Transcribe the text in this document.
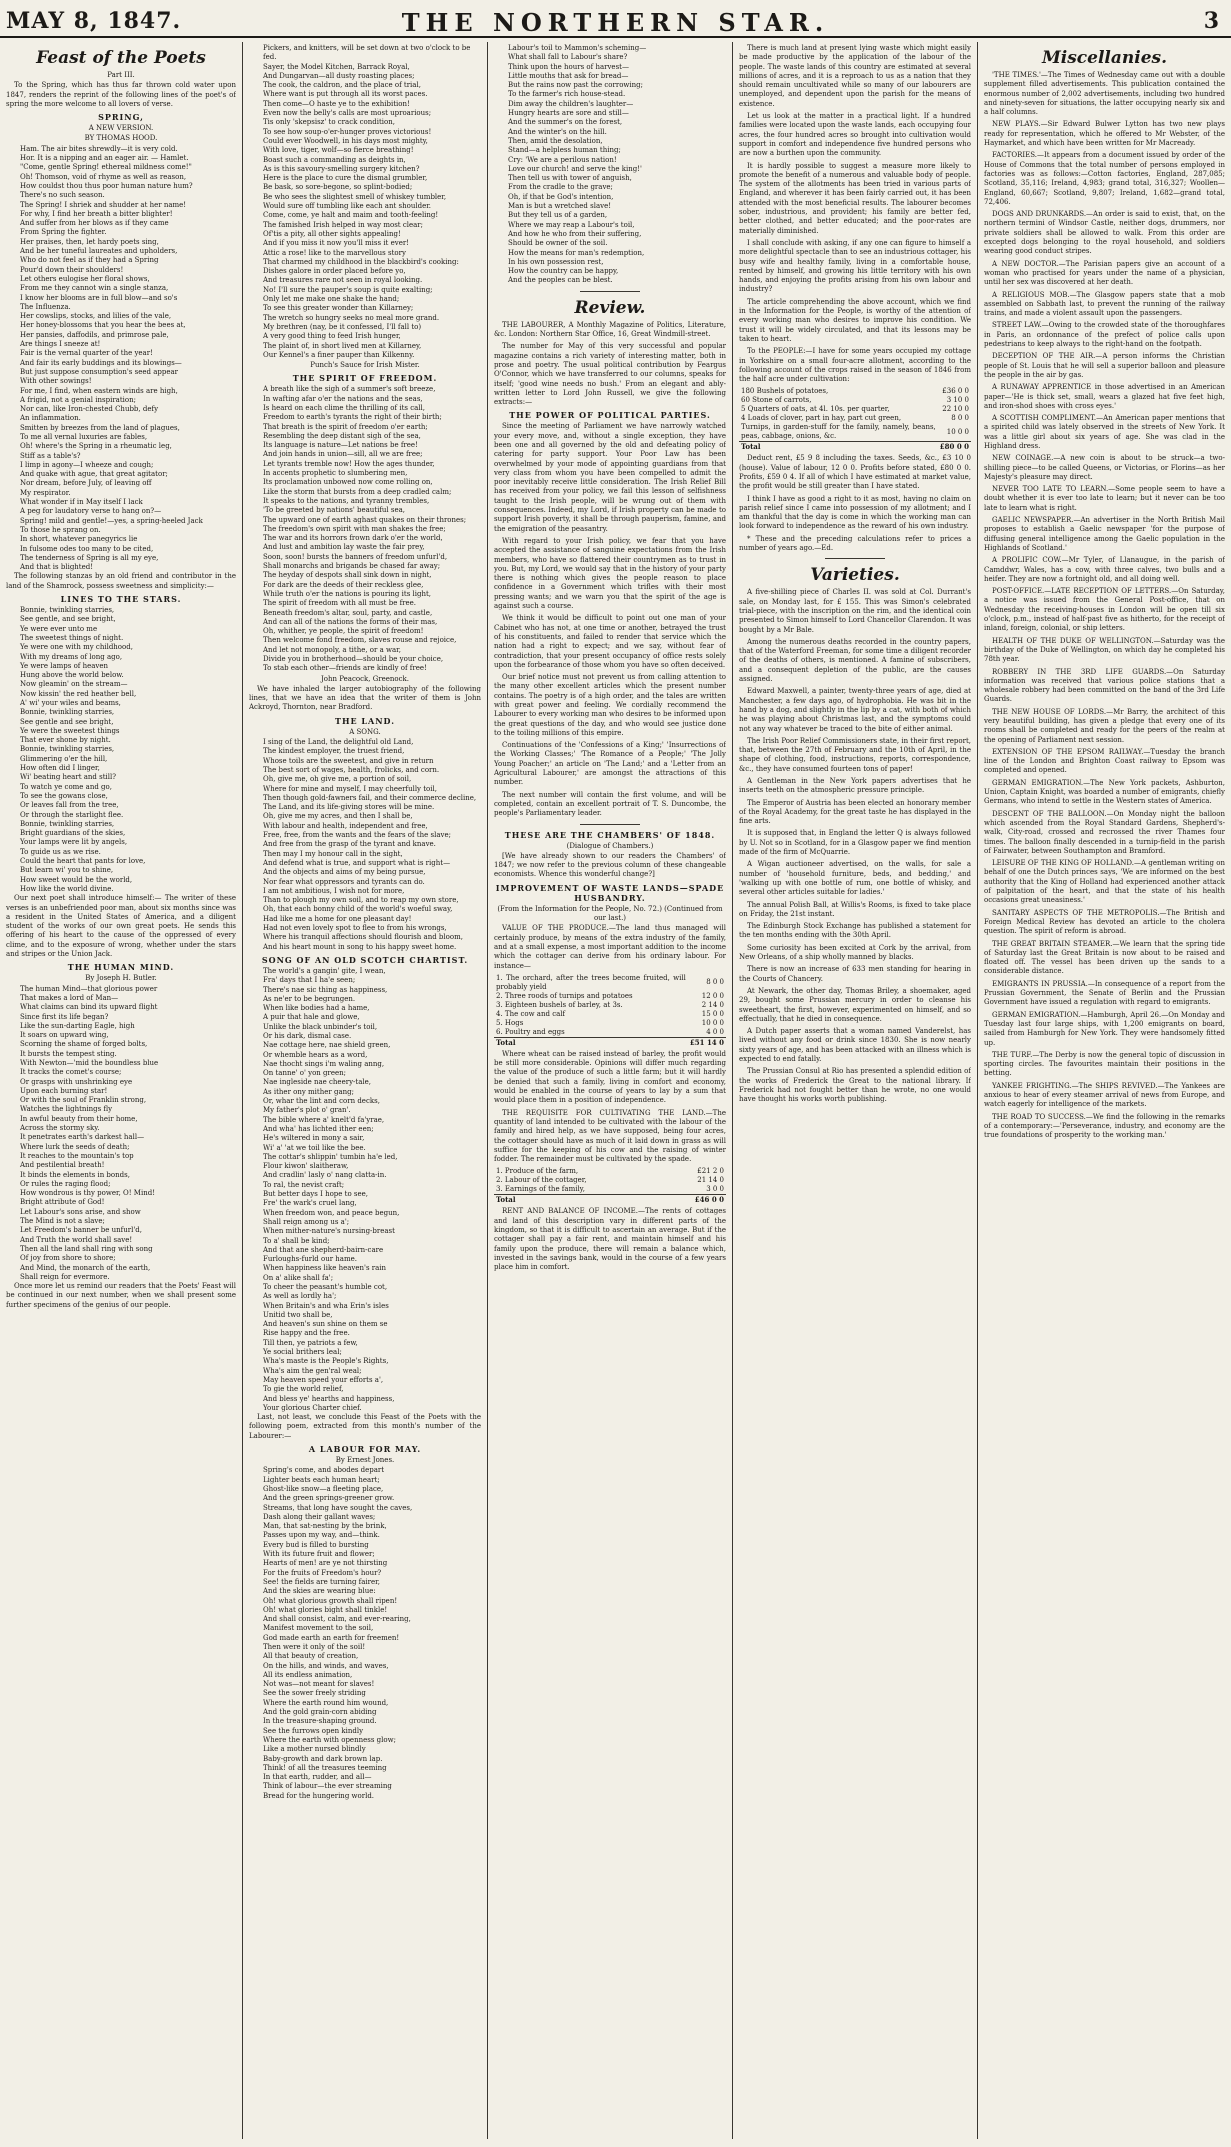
MAY 8, 1847.	THE NORTHERN STAR.	3
Feast of the Poets
Part III.
To the Spring, which has thus far thrown cold water upon 1847, renders the reprint of the following lines of the poet's of spring the more welcome to all lovers of verse.
SPRING,
A NEW VERSION.
BY THOMAS HOOD.
Ham. The air bites shrewdly—it is very cold.
Hor. It is a nipping and an eager air. — Hamlet.
"Come, gentle Spring! ethereal mildness come!"
Oh! Thomson, void of rhyme as well as reason,
How couldst thou thus poor human nature hum?
There's no such season.
The Spring! I shriek and shudder at her name!
For why, I find her breath a bitter blighter!
And suffer from her blows as if they came
From Spring the fighter.
Her praises, then, let hardy poets sing,
And be her tuneful laureates and upholders,
Who do not feel as if they had a Spring
Pour'd down their shoulders!
Let others eulogise her floral shows,
From me they cannot win a single stanza,
I know her blooms are in full blow—and so's
The Influenza.
Her cowslips, stocks, and lilies of the vale,
Her honey-blossoms that you hear the bees at,
Her pansies, daffodils, and primrose pale,
Are things I sneeze at!
Fair is the vernal quarter of the year!
And fair its early buddings and its blowings—
But just suppose consumption's seed appear
With other sowings!
For me, I find, when eastern winds are high,
A frigid, not a genial inspiration;
Nor can, like Iron-chested Chubb, defy
An inflammation.
Smitten by breezes from the land of plagues,
To me all vernal luxuries are fables,
Oh! where's the Spring in a rheumatic leg,
Stiff as a table's?
I limp in agony—I wheeze and cough;
And quake with ague, that great agitator;
Nor dream, before July, of leaving off
My respirator.
What wonder if in May itself I lack
A peg for laudatory verse to hang on?—
Spring! mild and gentle!—yes, a spring-heeled Jack
To those he sprang on.
In short, whatever panegyrics lie
In fulsome odes too many to be cited,
The tenderness of Spring is all my eye,
And that is blighted!
The following stanzas by an old friend and contributor in the land of the Shamrock, possess sweetness and simplicity:—
LINES TO THE STARS.
Bonnie, twinkling starries,
See gentle, and see bright,
Ye were ever unto me
The sweetest things of night.
Ye were one with my childhood,
With my dreams of long ago,
Ye were lamps of heaven
Hung above the world below.
Now gleamin' on the stream—
Now kissin' the red heather bell,
A' wi' your wiles and beams,
Bonnie, twinkling starries,
See gentle and see bright,
Ye were the sweetest things
That ever shone by night.
Bonnie, twinkling starries,
Glimmering o'er the hill,
How often did I linger,
Wi' beating heart and still?
To watch ye come and go,
To see the gowans close,
Or leaves fall from the tree,
Or through the starlight flee.
Bonnie, twinkling starries,
Bright guardians of the skies,
Your lamps were lit by angels,
To guide us as we rise.
Could the heart that pants for love,
But learn wi' you to shine,
How sweet would be the world,
How like the world divine.
Our next poet shall introduce himself:— The writer of these verses is an unbefriended poor man, about six months since was a resident in the United States of America, and a diligent student of the works of our own great poets. He sends this offering of his heart to the cause of the oppressed of every clime, and to the exposure of wrong, whether under the stars and stripes or the Union Jack.
THE HUMAN MIND.
By Joseph H. Butler.
The human Mind—that glorious power
That makes a lord of Man—
What claims can bind its upward flight
Since first its life began?
Like the sun-darting Eagle, high
It soars on upward wing,
Scorning the shame of forged bolts,
It bursts the tempest sting.
With Newton—'mid the boundless blue
It tracks the comet's course;
Or grasps with unshrinking eye
Upon each burning star!
Or with the soul of Franklin strong,
Watches the lightnings fly
In awful beauty from their home,
Across the stormy sky.
It penetrates earth's darkest hall—
Where lurk the seeds of death;
It reaches to the mountain's top
And pestilential breath!
It binds the elements in bonds,
Or rules the raging flood;
How wondrous is thy power, O! Mind!
Bright attribute of God!
Let Labour's sons arise, and show
The Mind is not a slave;
Let Freedom's banner be unfurl'd,
And Truth the world shall save!
Then all the land shall ring with song
Of joy from shore to shore;
And Mind, the monarch of the earth,
Shall reign for evermore.
Once more let us remind our readers that the Poets' Feast will be continued in our next number, when we shall present some further specimens of the genius of our people.
Pickers, and knitters, will be set down at two o'clock to be fed.
Sayer, the Model Kitchen, Barrack Royal,
And Dungarvan—all dusty roasting places;
The cook, the caldron, and the place of trial,
Where want is put through all its worst paces.
Then come—O haste ye to the exhibition!
Even now the belly's calls are most uproarious;
Tis only 'skepsisz' to crack condition,
To see how soup-o'er-hunger proves victorious!
Could ever Woodwell, in his days most mighty,
With love, tiger, wolf—so fierce breathing!
Boast such a commanding as deights in,
As is this savoury-smelling surgery kitchen?
Here is the place to cure the dismal grumbler,
Be bask, so sore-begone, so splint-bodied;
Be who sees the slightest smell of whiskey tumbler,
Would sure off tumbling like each ant shoulder.
Come, come, ye halt and maim and tooth-feeling!
The famished Irish helped in way most clear;
Of'tis a pity, all other sights appealing!
And if you miss it now you'll miss it ever!
Attic a rose! like to the marvellous story
That charmed my childhood in the blackbird's cooking:
Dishes galore in order placed before yo,
And treasures rare not seen in royal looking.
No! I'll sure the pauper's soup is quite exalting;
Only let me make one shake the hand;
To see this greater wonder than Killarney;
The wretch so hungry seeks no meal more grand.
My brethren (nay, be it confessed, I'll fall to)
A very good thing to feed Irish hunger,
The plaint of, in short lived men at Killarney,
Our Kennel's a finer pauper than Kilkenny.
Punch's Sauce for Irish Mister.
THE SPIRIT OF FREEDOM.
A breath like the sigh of a summer's soft breeze,
In wafting afar o'er the nations and the seas,
Is heard on each clime the thrilling of its call,
Freedom to earth's tyrants the right of their birth;
That breath is the spirit of freedom o'er earth;
Resembling the deep distant sigh of the sea,
Its language is nature—Let nations be free!
And join hands in union—sill, all we are free;
Let tyrants tremble now! How the ages thunder,
In accents prophetic to slumbering men,
Its proclamation unbowed now come rolling on,
Like the storm that bursts from a deep cradled calm;
It speaks to the nations, and tyranny trembles,
'To be greeted by nations' beautiful sea,
The upward one of earth aghast quakes on their thrones;
The freedom's own spirit with man shakes the free;
The war and its horrors frown dark o'er the world,
And lust and ambition lay waste the fair prey,
Soon, soon! bursts the banners of freedom unfurl'd,
Shall monarchs and brigands be chased far away;
The heyday of despots shall sink down in night,
For dark are the deeds of their reckless glee,
While truth o'er the nations is pouring its light,
The spirit of freedom with all must be free.
Beneath freedom's altar, soul, party, and castle,
And can all of the nations the forms of their mas,
Oh, whither, ye people, the spirit of freedom!
Then welcome fond freedom, slaves rouse and rejoice,
And let not monopoly, a tithe, or a war,
Divide you in brotherhood—should be your choice,
To stab each other—friends are kindly of free!
John Peacock, Greenock.
We have inhaled the larger autobiography of the following lines, that we have an idea that the writer of them is John Ackroyd, Thornton, near Bradford.
THE LAND.
A SONG.
I sing of the Land, the delightful old Land,
The kindest employer, the truest friend,
Whose toils are the sweetest, and give in return
The best sort of wages, health, frolicks, and corn.
Oh, give me, oh give me, a portion of soil,
Where for mine and myself, I may cheerfully toil,
Then though gold-fawners fail, and their commerce decline,
The Land, and its life-giving stores will be mine.
Oh, give me my acres, and then I shall be,
With labour and health, independent and free,
Free, free, from the wants and the fears of the slave;
And free from the grasp of the tyrant and knave.
Then may I my honour call in the sight,
And defend what is true, and support what is right—
And the objects and aims of my being pursue,
Nor fear what oppressors and tyrants can do.
I am not ambitious, I wish not for more,
Than to plough my own soil, and to reap my own store,
Oh, that each bonny child of the world's woeful sway,
Had like me a home for one pleasant day!
Had not even lovely spot to flee to from his wrongs,
Where his tranquil affections should flourish and bloom,
And his heart mount in song to his happy sweet home.
SONG OF AN OLD SCOTCH CHARTIST.
The world's a gangin' gite, I wean,
Fra' days that I ha'e seen;
There's nae sic thing as happiness,
As ne'er to be begrungen.
When like bodies had a hame,
A puir that hale and glowe,
Unlike the black unbinder's toil,
Or his dark, dismal case.
Nae cottage here, nae shield green,
Or whemble hears as a word,
Nae thocht sings i'm waling anng,
On tanne' o' yon green;
Nae ingleside nae cheery-tale,
As ither ony mither gang;
Or, whar the lint and corn decks,
My father's plot o' gran'.
The bible where a' knelt'd fa'yrae,
And wha' has lichted ither een;
He's wiltered in mony a sair,
Wi' a' 'at we toil like the bee.
The cottar's shlippin' tumbin ha'e led,
Flour kiwon' slaitheraw,
And cradlin' lasly o' nang clatta-in.
To ral, the nevist craft;
But better days I hope to see,
Fre' the wark's cruel lang,
When freedom won, and peace begun,
Shall reign among us a';
When mither-nature's nursing-breast
To a' shall be kind;
And that ane shepherd-bairn-care
Furloughs-furld our hame.
When happiness like heaven's rain
On a' alike shall fa';
To cheer the peasant's humble cot,
As well as lordly ha';
When Britain's and wha Erin's isles
Unitid two shall be,
And heaven's sun shine on them se
Rise happy and the free.
Till then, ye patriots a few,
Ye social brithers leal;
Wha's maste is the People's Rights,
Wha's aim the gen'ral weal;
May heaven speed your efforts a',
To gie the world relief,
And bless ye' hearths and happiness,
Your glorious Charter chief.
Last, not least, we conclude this Feast of the Poets with the following poem, extracted from this month's number of the Labourer:—
A LABOUR FOR MAY.
By Ernest Jones.
Spring's come, and abodes depart
Lighter beats each human heart;
Ghost-like snow—a fleeting place,
And the green springs-greener grow.
Streams, that long have sought the caves,
Dash along their gallant waves;
Man, that sat-nesting by the brink,
Passes upon my way, and—think.
Every bud is filled to bursting
With its future fruit and flower;
Hearts of men! are ye not thirsting
For the fruits of Freedom's hour?
See! the fields are turning fairer,
And the skies are wearing blue:
Oh! what glorious growth shall ripen!
Oh! what glories bight shall tinkle!
And shall consist, calm, and ever-rearing,
Manifest movement to the soil,
God made earth an earth for freemen!
Then were it only of the soil!
All that beauty of creation,
On the hills, and winds, and waves,
All its endless animation,
Not was—not meant for slaves!
See the sower freely striding
Where the earth round him wound,
And the gold grain-corn abiding
In the treasure-shaping ground.
See the furrows open kindly
Where the earth with openness glow;
Like a mother nursed blindly
Baby-growth and dark brown lap.
Think! of all the treasures teeming
In that earth, rudder, and all—
Think of labour—the ever streaming
Bread for the hungering world.
Labour's toil to Mammon's scheming—
What shall fall to Labour's share?
Think upon the hours of harvest—
Little mouths that ask for bread—
But the rains now past the corrowing;
To the farmer's rich house-stead.
Dim away the children's laughter—
Hungry hearts are sore and still—
And the summer's on the forest,
And the winter's on the hill.
Then, amid the desolation,
Stand—a helpless human thing;
Cry: 'We are a perilous nation!
Love our church! and serve the king!'
Then tell us with tower of anguish,
From the cradle to the grave;
Oh, if that be God's intention,
Man is but a wretched slave!
But they tell us of a garden,
Where we may reap a Labour's toil,
And how he who from their suffering,
Should be owner of the soil.
How the means for man's redemption,
In his own possession rest,
How the country can be happy,
And the peoples can be blest.
Review.
THE LABOURER, A Monthly Magazine of Politics, Literature, &c. London: Northern Star Office, 16, Great Windmill-street.
The number for May of this very successful and popular magazine contains a rich variety of interesting matter, both in prose and poetry. The usual political contribution by Feargus O'Connor, which we have transferred to our columns, speaks for itself; 'good wine needs no bush.' From an elegant and ably-written letter to Lord John Russell, we give the following extracts:—
THE POWER OF POLITICAL PARTIES.
Since the meeting of Parliament we have narrowly watched your every move, and, without a single exception, they have been one and all governed by the old and defeating policy of catering for party support. Your Poor Law has been overwhelmed by your mode of appointing guardians from that very class from whom you have been compelled to admit the poor inevitably receive little consideration. The Irish Relief Bill has received from your policy, we fail this lesson of selfishness taught to the Irish people, will be wrung out of them with consequences. Indeed, my Lord, if Irish property can be made to support Irish poverty, it shall be through pauperism, famine, and the emigration of the peasantry.
With regard to your Irish policy, we fear that you have accepted the assistance of sanguine expectations from the Irish members, who have so flattered their countrymen as to trust in you. But, my Lord, we would say that in the history of your party there is nothing which gives the people reason to place confidence in a Government which trifles with their most pressing wants; and we warn you that the spirit of the age is against such a course.
We think it would be difficult to point out one man of your Cabinet who has not, at one time or another, betrayed the trust of his constituents, and failed to render that service which the nation had a right to expect; and we say, without fear of contradiction, that your present occupancy of office rests solely upon the forbearance of those whom you have so often deceived.
Our brief notice must not prevent us from calling attention to the many other excellent articles which the present number contains. The poetry is of a high order, and the tales are written with great power and feeling. We cordially recommend the Labourer to every working man who desires to be informed upon the great questions of the day, and who would see justice done to the toiling millions of this empire.
Continuations of the 'Confessions of a King;' 'Insurrections of the Working Classes;' 'The Romance of a People;' 'The Jolly Young Poacher;' an article on 'The Land;' and a 'Letter from an Agricultural Labourer,' are amongst the attractions of this number.
The next number will contain the first volume, and will be completed, contain an excellent portrait of T. S. Duncombe, the people's Parliamentary leader.
THESE ARE THE CHAMBERS' OF 1848.
(Dialogue of Chambers.)
[We have already shown to our readers the Chambers' of 1847; we now refer to the previous column of these changeable economists. Whence this wonderful change?]
IMPROVEMENT OF WASTE LANDS—SPADE HUSBANDRY.
(From the Information for the People, No. 72.) (Continued from our last.)
VALUE OF THE PRODUCE.—The land thus managed will certainly produce, by means of the extra industry of the family, and at a small expense, a most important addition to the income which the cottager can derive from his ordinary labour. For instance—
1. The orchard, after the trees become fruited, will probably yield	8 0 0
2. Three roods of turnips and potatoes	12 0 0
3. Eighteen bushels of barley, at 3s.	2 14 0
4. The cow and calf	15 0 0
5. Hogs	10 0 0
6. Poultry and eggs	4 0 0
Total	£51 14 0
Where wheat can be raised instead of barley, the profit would be still more considerable. Opinions will differ much regarding the value of the produce of such a little farm; but it will hardly be denied that such a family, living in comfort and economy, would be enabled in the course of years to lay by a sum that would place them in a position of independence.
THE REQUISITE FOR CULTIVATING THE LAND.—The quantity of land intended to be cultivated with the labour of the family and hired help, as we have supposed, being four acres, the cottager should have as much of it laid down in grass as will suffice for the keeping of his cow and the raising of winter fodder. The remainder must be cultivated by the spade.
1. Produce of the farm,	£21 2 0
2. Labour of the cottager,	21 14 0
3. Earnings of the family,	3 0 0
Total	£46 0 0
RENT AND BALANCE OF INCOME.—The rents of cottages and land of this description vary in different parts of the kingdom, so that it is difficult to ascertain an average. But if the cottager shall pay a fair rent, and maintain himself and his family upon the produce, there will remain a balance which, invested in the savings bank, would in the course of a few years place him in comfort.
There is much land at present lying waste which might easily be made productive by the application of the labour of the people. The waste lands of this country are estimated at several millions of acres, and it is a reproach to us as a nation that they should remain uncultivated while so many of our labourers are unemployed, and dependent upon the parish for the means of existence.
Let us look at the matter in a practical light. If a hundred families were located upon the waste lands, each occupying four acres, the four hundred acres so brought into cultivation would support in comfort and independence five hundred persons who are now a burthen upon the community.
It is hardly possible to suggest a measure more likely to promote the benefit of a numerous and valuable body of people. The system of the allotments has been tried in various parts of England, and wherever it has been fairly carried out, it has been attended with the most beneficial results. The labourer becomes sober, industrious, and provident; his family are better fed, better clothed, and better educated; and the poor-rates are materially diminished.
I shall conclude with asking, if any one can figure to himself a more delightful spectacle than to see an industrious cottager, his busy wife and healthy family, living in a comfortable house, rented by himself, and growing his little territory with his own hands, and enjoying the profits arising from his own labour and industry?
The article comprehending the above account, which we find in the Information for the People, is worthy of the attention of every working man who desires to improve his condition. We trust it will be widely circulated, and that its lessons may be taken to heart.
To the PEOPLE:—I have for some years occupied my cottage in Yorkshire on a small four-acre allotment, according to the following account of the crops raised in the season of 1846 from the half acre under cultivation:
180 Bushels of potatoes,	£36 0 0
60 Stone of carrots,	3 10 0
5 Quarters of oats, at 4l. 10s. per quarter,	22 10 0
4 Loads of clover, part in hay, part cut green,	8 0 0
Turnips, in garden-stuff for the family, namely, beans, peas, cabbage, onions, &c.	10 0 0
Total	£80 0 0
Deduct rent, £5 9 8 including the taxes. Seeds, &c., £3 10 0 (house). Value of labour, 12 0 0. Profits before stated, £80 0 0. Profits, £59 0 4. If all of which I have estimated at market value, the profit would be still greater than I have stated.
I think I have as good a right to it as most, having no claim on parish relief since I came into possession of my allotment; and I am thankful that the day is come in which the working man can look forward to independence as the reward of his own industry.
* These and the preceding calculations refer to prices a number of years ago.—Ed.
Varieties.
A five-shilling piece of Charles II. was sold at Col. Durrant's sale, on Monday last, for £ 155. This was Simon's celebrated trial-piece, with the inscription on the rim, and the identical coin presented to Simon himself to Lord Chancellor Clarendon. It was bought by a Mr Bale.
Among the numerous deaths recorded in the country papers, that of the Waterford Freeman, for some time a diligent recorder of the deaths of others, is mentioned. A famine of subscribers, and a consequent depletion of the public, are the causes assigned.
Edward Maxwell, a painter, twenty-three years of age, died at Manchester, a few days ago, of hydrophobia. He was bit in the hand by a dog, and slightly in the lip by a cat, with both of which he was playing about Christmas last, and the symptoms could not any way whatever be traced to the bite of either animal.
The Irish Poor Relief Commissioners state, in their first report, that, between the 27th of February and the 10th of April, in the shape of clothing, food, instructions, reports, correspondence, &c., they have consumed fourteen tons of paper!
A Gentleman in the New York papers advertises that he inserts teeth on the atmospheric pressure principle.
The Emperor of Austria has been elected an honorary member of the Royal Academy, for the great taste he has displayed in the fine arts.
It is supposed that, in England the letter Q is always followed by U. Not so in Scotland, for in a Glasgow paper we find mention made of the firm of McQuarrie.
A Wigan auctioneer advertised, on the walls, for sale a number of 'household furniture, beds, and bedding,' and 'walking up with one bottle of rum, one bottle of whisky, and several other articles suitable for ladies.'
The annual Polish Ball, at Willis's Rooms, is fixed to take place on Friday, the 21st instant.
The Edinburgh Stock Exchange has published a statement for the ten months ending with the 30th April.
Some curiosity has been excited at Cork by the arrival, from New Orleans, of a ship wholly manned by blacks.
There is now an increase of 633 men standing for hearing in the Courts of Chancery.
At Newark, the other day, Thomas Briley, a shoemaker, aged 29, bought some Prussian mercury in order to cleanse his sweetheart, the first, however, experimented on himself, and so effectually, that he died in consequence.
A Dutch paper asserts that a woman named Vanderelst, has lived without any food or drink since 1830. She is now nearly sixty years of age, and has been attacked with an illness which is expected to end fatally.
The Prussian Consul at Rio has presented a splendid edition of the works of Frederick the Great to the national library. If Frederick had not fought better than he wrote, no one would have thought his works worth publishing.
Miscellanies.
'THE TIMES.'—The Times of Wednesday came out with a double supplement filled advertisements. This publication contained the enormous number of 2,002 advertisements, including two hundred and ninety-seven for situations, the latter occupying nearly six and a half columns.
NEW PLAYS.—Sir Edward Bulwer Lytton has two new plays ready for representation, which he offered to Mr Webster, of the Haymarket, and which have been written for Mr Macready.
FACTORIES.—It appears from a document issued by order of the House of Commons that the total number of persons employed in factories was as follows:—Cotton factories, England, 287,085; Scotland, 35,116; Ireland, 4,983; grand total, 316,327; Woollen—England, 60,667; Scotland, 9,807; Ireland, 1,682—grand total, 72,406.
DOGS AND DRUNKARDS.—An order is said to exist, that, on the northern termini of Windsor Castle, neither dogs, drummers, nor private soldiers shall be allowed to walk. From this order are excepted dogs belonging to the royal household, and soldiers wearing good conduct stripes.
A NEW DOCTOR.—The Parisian papers give an account of a woman who practised for years under the name of a physician, until her sex was discovered at her death.
A RELIGIOUS MOB.—The Glasgow papers state that a mob assembled on Sabbath last, to prevent the running of the railway trains, and made a violent assault upon the passengers.
STREET LAW.—Owing to the crowded state of the thoroughfares in Paris, an ordonnance of the prefect of police calls upon pedestrians to keep always to the right-hand on the footpath.
DECEPTION OF THE AIR.—A person informs the Christian people of St. Louis that he will sell a superior balloon and pleasure the people in the air by gas.
A RUNAWAY APPRENTICE in those advertised in an American paper—'He is thick set, small, wears a glazed hat five feet high, and iron-shod shoes with cross eyes.'
A SCOTTISH COMPLIMENT.—An American paper mentions that a spirited child was lately observed in the streets of New York. It was a little girl about six years of age. She was clad in the Highland dress.
NEW COINAGE.—A new coin is about to be struck—a two-shilling piece—to be called Queens, or Victorias, or Florins—as her Majesty's pleasure may direct.
NEVER TOO LATE TO LEARN.—Some people seem to have a doubt whether it is ever too late to learn; but it never can be too late to learn what is right.
GAELIC NEWSPAPER.—An advertiser in the North British Mail proposes to establish a Gaelic newspaper 'for the purpose of diffusing general intelligence among the Gaelic population in the Highlands of Scotland.'
A PROLIFIC COW.—Mr Tyler, of Llanaugue, in the parish of Camddwr, Wales, has a cow, with three calves, two bulls and a heifer. They are now a fortnight old, and all doing well.
POST-OFFICE.—LATE RECEPTION OF LETTERS.—On Saturday, a notice was issued from the General Post-office, that on Wednesday the receiving-houses in London will be open till six o'clock, p.m., instead of half-past five as hitherto, for the receipt of inland, foreign, colonial, or ship letters.
HEALTH OF THE DUKE OF WELLINGTON.—Saturday was the birthday of the Duke of Wellington, on which day he completed his 78th year.
ROBBERY IN THE 3RD LIFE GUARDS.—On Saturday information was received that various police stations that a wholesale robbery had been committed on the band of the 3rd Life Guards.
THE NEW HOUSE OF LORDS.—Mr Barry, the architect of this very beautiful building, has given a pledge that every one of its rooms shall be completed and ready for the peers of the realm at the opening of Parliament next session.
EXTENSION OF THE EPSOM RAILWAY.—Tuesday the branch line of the London and Brighton Coast railway to Epsom was completed and opened.
GERMAN EMIGRATION.—The New York packets, Ashburton, Union, Captain Knight, was boarded a number of emigrants, chiefly Germans, who intend to settle in the Western states of America.
DESCENT OF THE BALLOON.—On Monday night the balloon which ascended from the Royal Standard Gardens, Shepherd's-walk, City-road, crossed and recrossed the river Thames four times. The balloon finally descended in a turnip-field in the parish of Fairwater, between Southampton and Bramford.
LEISURE OF THE KING OF HOLLAND.—A gentleman writing on behalf of one the Dutch princes says, 'We are informed on the best authority that the King of Holland had experienced another attack of palpitation of the heart, and that the state of his health occasions great uneasiness.'
SANITARY ASPECTS OF THE METROPOLIS.—The British and Foreign Medical Review has devoted an article to the cholera question. The spirit of reform is abroad.
THE GREAT BRITAIN STEAMER.—We learn that the spring tide of Saturday last the Great Britain is now about to be raised and floated off. The vessel has been driven up the sands to a considerable distance.
EMIGRANTS IN PRUSSIA.—In consequence of a report from the Prussian Government, the Senate of Berlin and the Prussian Government have issued a regulation with regard to emigrants.
GERMAN EMIGRATION.—Hamburgh, April 26.—On Monday and Tuesday last four large ships, with 1,200 emigrants on board, sailed from Hamburgh for New York. They were handsomely fitted up.
THE TURF.—The Derby is now the general topic of discussion in sporting circles. The favourites maintain their positions in the betting.
YANKEE FRIGHTING.—The SHIPS REVIVED.—The Yankees are anxious to hear of every steamer arrival of news from Europe, and watch eagerly for intelligence of the markets.
THE ROAD TO SUCCESS.—We find the following in the remarks of a contemporary:—'Perseverance, industry, and economy are the true foundations of prosperity to the working man.'
